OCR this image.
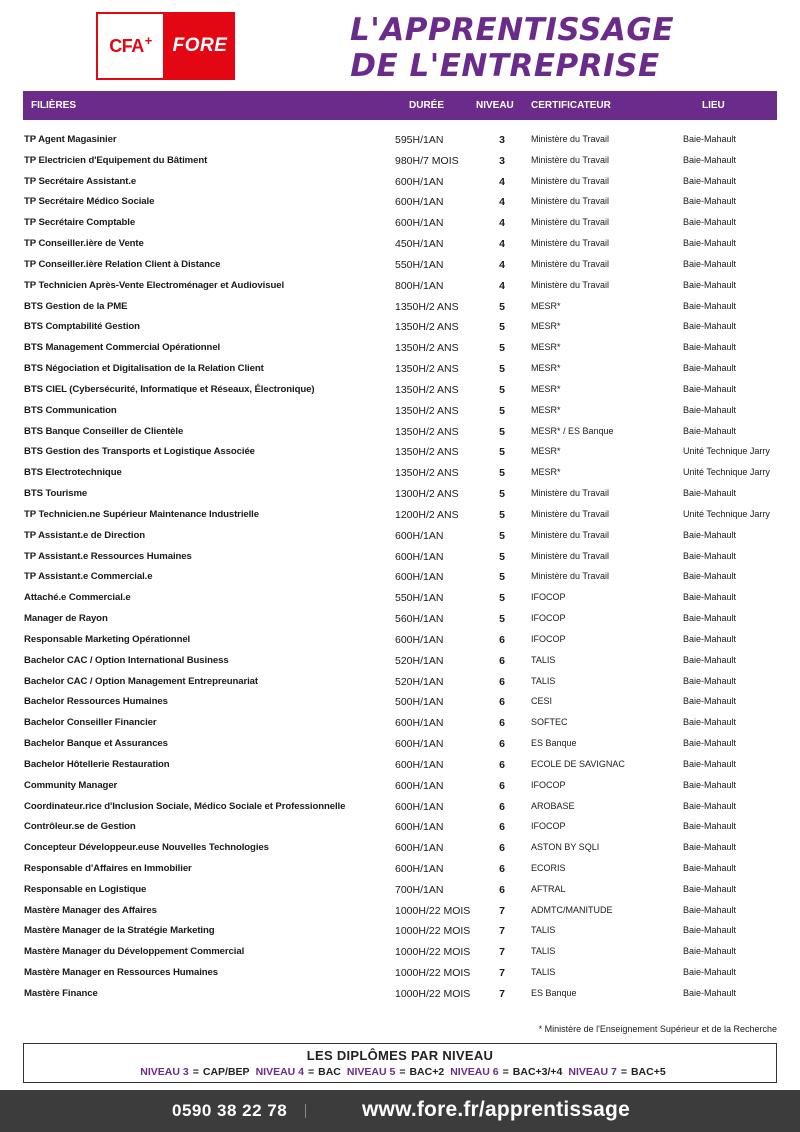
CFA+ FORE	L'APPRENTISSAGE
DE L'ENTREPRISE
FILIÈRES	DURÉE	NIVEAU CERTIFICATEUR	LIEU
TP Agent Magasinier	595H/1AN	3	Ministère du Travail	Baie-Mahault
TP Electricien d'Equipement du Bâtiment	980H/7 MOIS	3	Ministère du Travail	Baie-Mahault
TP Secrétaire Assistant.e	600H/1AN	4	Ministère du Travail	Baie-Mahault
TP Secrétaire Médico Sociale	600H/1AN	4	Ministère du Travail	Baie-Mahault
TP Secrétaire Comptable	600H/1AN	4	Ministère du Travail	Baie-Mahault
TP Conseiller.ière de Vente	450H/1AN	4	Ministère du Travail	Baie-Mahault
TP Conseiller.ière Relation Client à Distance	550H/1AN	4	Ministère du Travail	Baie-Mahault
TP Technicien Après-Vente Electroménager et Audiovisuel	800H/1AN	4	Ministère du Travail	Baie-Mahault
BTS Gestion de la PME	1350H/2 ANS	5	MESR*	Baie-Mahault
BTS Comptabilité Gestion	1350H/2 ANS	5	MESR*	Baie-Mahault
BTS Management Commercial Opérationnel	1350H/2 ANS	5	MESR*	Baie-Mahault
BTS Négociation et Digitalisation de la Relation Client	1350H/2 ANS	5	MESR*	Baie-Mahault
BTS CIEL (Cybersécurité, Informatique et Réseaux, Électronique)	1350H/2 ANS	5	MESR*	Baie-Mahault
BTS Communication	1350H/2 ANS	5	MESR*	Baie-Mahault
BTS Banque Conseiller de Clientèle	1350H/2 ANS	5	MESR* / ES Banque	Baie-Mahault
BTS Gestion des Transports et Logistique Associée	1350H/2 ANS	5	MESR*	Unité Technique Jarry
BTS Electrotechnique	1350H/2 ANS	5	MESR*	Unité Technique Jarry
BTS Tourisme	1300H/2 ANS	5	Ministère du Travail	Baie-Mahault
TP Technicien.ne Supérieur Maintenance Industrielle	1200H/2 ANS	5	Ministère du Travail	Unité Technique Jarry
TP Assistant.e de Direction	600H/1AN	5	Ministère du Travail	Baie-Mahault
TP Assistant.e Ressources Humaines	600H/1AN	5	Ministère du Travail	Baie-Mahault
TP Assistant.e Commercial.e	600H/1AN	5	Ministère du Travail	Baie-Mahault
Attaché.e Commercial.e	550H/1AN	5	IFOCOP	Baie-Mahault
Manager de Rayon	560H/1AN	5	IFOCOP	Baie-Mahault
Responsable Marketing Opérationnel	600H/1AN	6	IFOCOP	Baie-Mahault
Bachelor CAC / Option International Business	520H/1AN	6	TALIS	Baie-Mahault
Bachelor CAC / Option Management Entrepreunariat	520H/1AN	6	TALIS	Baie-Mahault
Bachelor Ressources Humaines	500H/1AN	6	CESI	Baie-Mahault
Bachelor Conseiller Financier	600H/1AN	6	SOFTEC	Baie-Mahault
Bachelor Banque et Assurances	600H/1AN	6	ES Banque	Baie-Mahault
Bachelor Hôtellerie Restauration	600H/1AN	6	ECOLE DE SAVIGNAC	Baie-Mahault
Community Manager	600H/1AN	6	IFOCOP	Baie-Mahault
Coordinateur.rice d'Inclusion Sociale, Médico Sociale et Professionnelle	600H/1AN	6	AROBASE	Baie-Mahault
Contrôleur.se de Gestion	600H/1AN	6	IFOCOP	Baie-Mahault
Concepteur Développeur.euse Nouvelles Technologies	600H/1AN	6	ASTON BY SQLI	Baie-Mahault
Responsable d'Affaires en Immobilier	600H/1AN	6	ECORIS	Baie-Mahault
Responsable en Logistique	700H/1AN	6	AFTRAL	Baie-Mahault
Mastère Manager des Affaires	1000H/22 MOIS	7	ADMTC/MANITUDE	Baie-Mahault
Mastère Manager de la Stratégie Marketing	1000H/22 MOIS	7	TALIS	Baie-Mahault
Mastère Manager du Développement Commercial	1000H/22 MOIS	7	TALIS	Baie-Mahault
Mastère Manager en Ressources Humaines	1000H/22 MOIS	7	TALIS	Baie-Mahault
Mastère Finance	1000H/22 MOIS	7	ES Banque	Baie-Mahault
* Ministère de l'Enseignement Supérieur et de la Recherche
LES DIPLÔMES PAR NIVEAU
NIVEAU 3 = CAP/BEP NIVEAU 4 = BAC NIVEAU 5 = BAC+2 NIVEAU 6 = BAC+3/+4 NIVEAU 7 = BAC+5
0590 38 22 78	www.fore.fr/apprentissage
